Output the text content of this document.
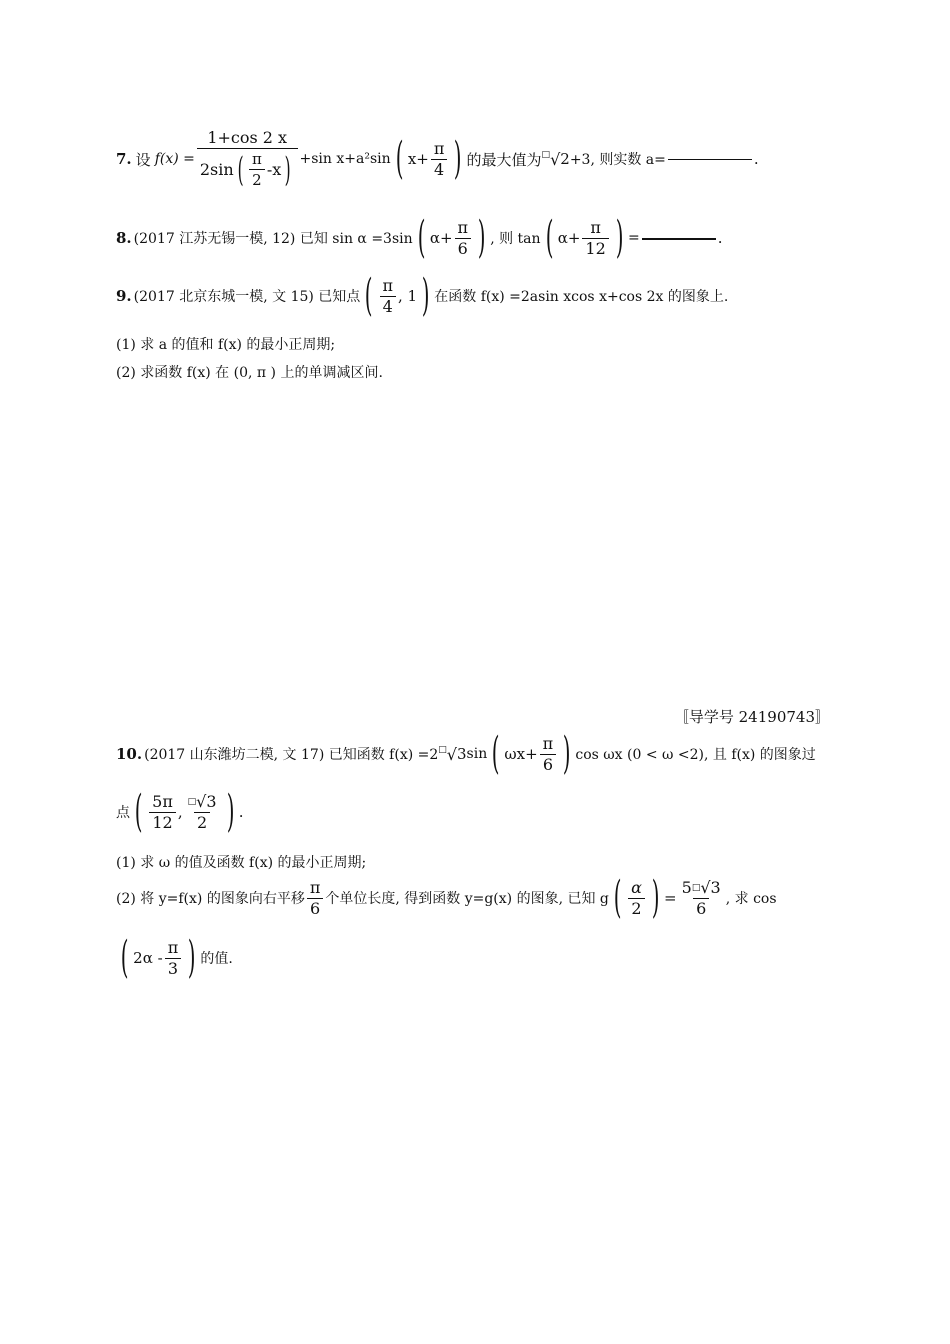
7. 设 f(x) =
1+cos 2 x
2sin ( $\frac{\pi}{2} -x$ ) +sin x+a²sin ( $x+ \frac{\pi}{4}$ ) 的最大值为 □ √ 2 +3, 则实数 a=	.
8. (2017 江苏无锡一模, 12) 已知 sin α =3sin ( $\alpha+ \frac{\pi}{6}$ ) , 则 tan ( $\alpha+ \frac{\pi}{12}$ ) =	.
9. (2017 北京东城一模, 文 15) 已知点 ( $\frac{\pi}{4}$ , 1 ) 在函数 f(x) =2asin xcos x+cos 2x 的图象上.
(1) 求 a 的值和 f(x) 的最小正周期;
(2) 求函数 f(x) 在 (0, π ) 上的单调减区间.
〚导学号 24190743〛
10. (2017 山东潍坊二模, 文 17) 已知函数 f(x) =2 □ √ 3 sin ( $\omega x+ \frac{\pi}{6}$ ) cos ωx (0 < ω <2), 且 f(x) 的图象过
点 ( $\frac{5\pi}{12}$ , $\frac{□ √ 3}{2}$ ) .
(1) 求 ω 的值及函数 f(x) 的最小正周期;
(2) 将 y=f(x) 的图象向右平移 $\frac{\pi}{6}$ 个单位长度, 得到函数 y=g(x) 的图象, 已知 g ( $\frac{\alpha}{2}$ ) = $\frac{5 □ √ 3}{6}$ , 求 cos
( $2\alpha - \frac{\pi}{3}$ ) 的值.
